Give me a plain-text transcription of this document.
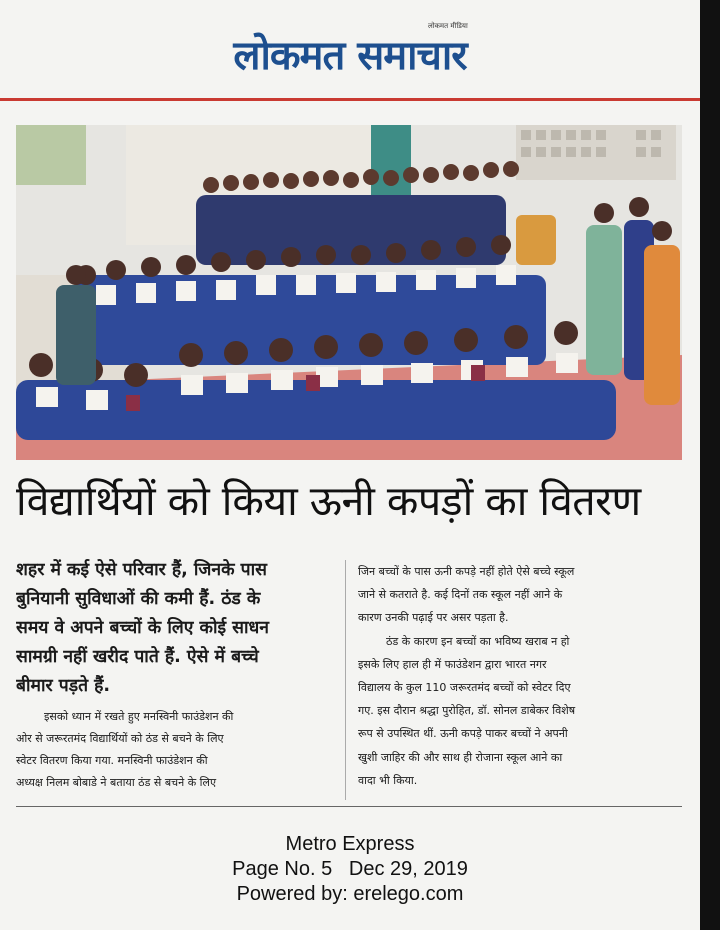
लोकमत मीडिया
लोकमत समाचार
विद्यार्थियों को किया ऊनी कपड़ों का वितरण
शहर में कई ऐसे परिवार हैं, जिनके पास
बुनियानी सुविधाओं की कमी हैं. ठंड के
समय वे अपने बच्चों के लिए कोई साधन
सामग्री नहीं खरीद पाते हैं. ऐसे में बच्चे
बीमार पड़ते हैं.
इसको ध्यान में रखते हुए मनस्विनी फाउंडेशन की
ओर से जरूरतमंद विद्यार्थियों को ठंड से बचने के लिए
स्वेटर वितरण किया गया. मनस्विनी फाउंडेशन की
अध्यक्ष निलम बोबाडे ने बताया ठंड से बचने के लिए
जिन बच्चों के पास ऊनी कपड़े नहीं होते ऐसे बच्चे स्कूल
जाने से कतराते है. कई दिनों तक स्कूल नहीं आने के
कारण उनकी पढ़ाई पर असर पड़ता है.
ठंड के कारण इन बच्चों का भविष्य खराब न हो
इसके लिए हाल ही में फाउंडेशन द्वारा भारत नगर
विद्यालय के कुल 110 जरूरतमंद बच्चों को स्वेटर दिए
गए. इस दौरान श्रद्धा पुरोहित, डॉ. सोनल डाबेकर विशेष
रूप से उपस्थित थीं. ऊनी कपड़े पाकर बच्चों ने अपनी
खुशी जाहिर की और साथ ही रोजाना स्कूल आने का
वादा भी किया.
Metro Express
Page No. 5   Dec 29, 2019
Powered by: erelego.com
